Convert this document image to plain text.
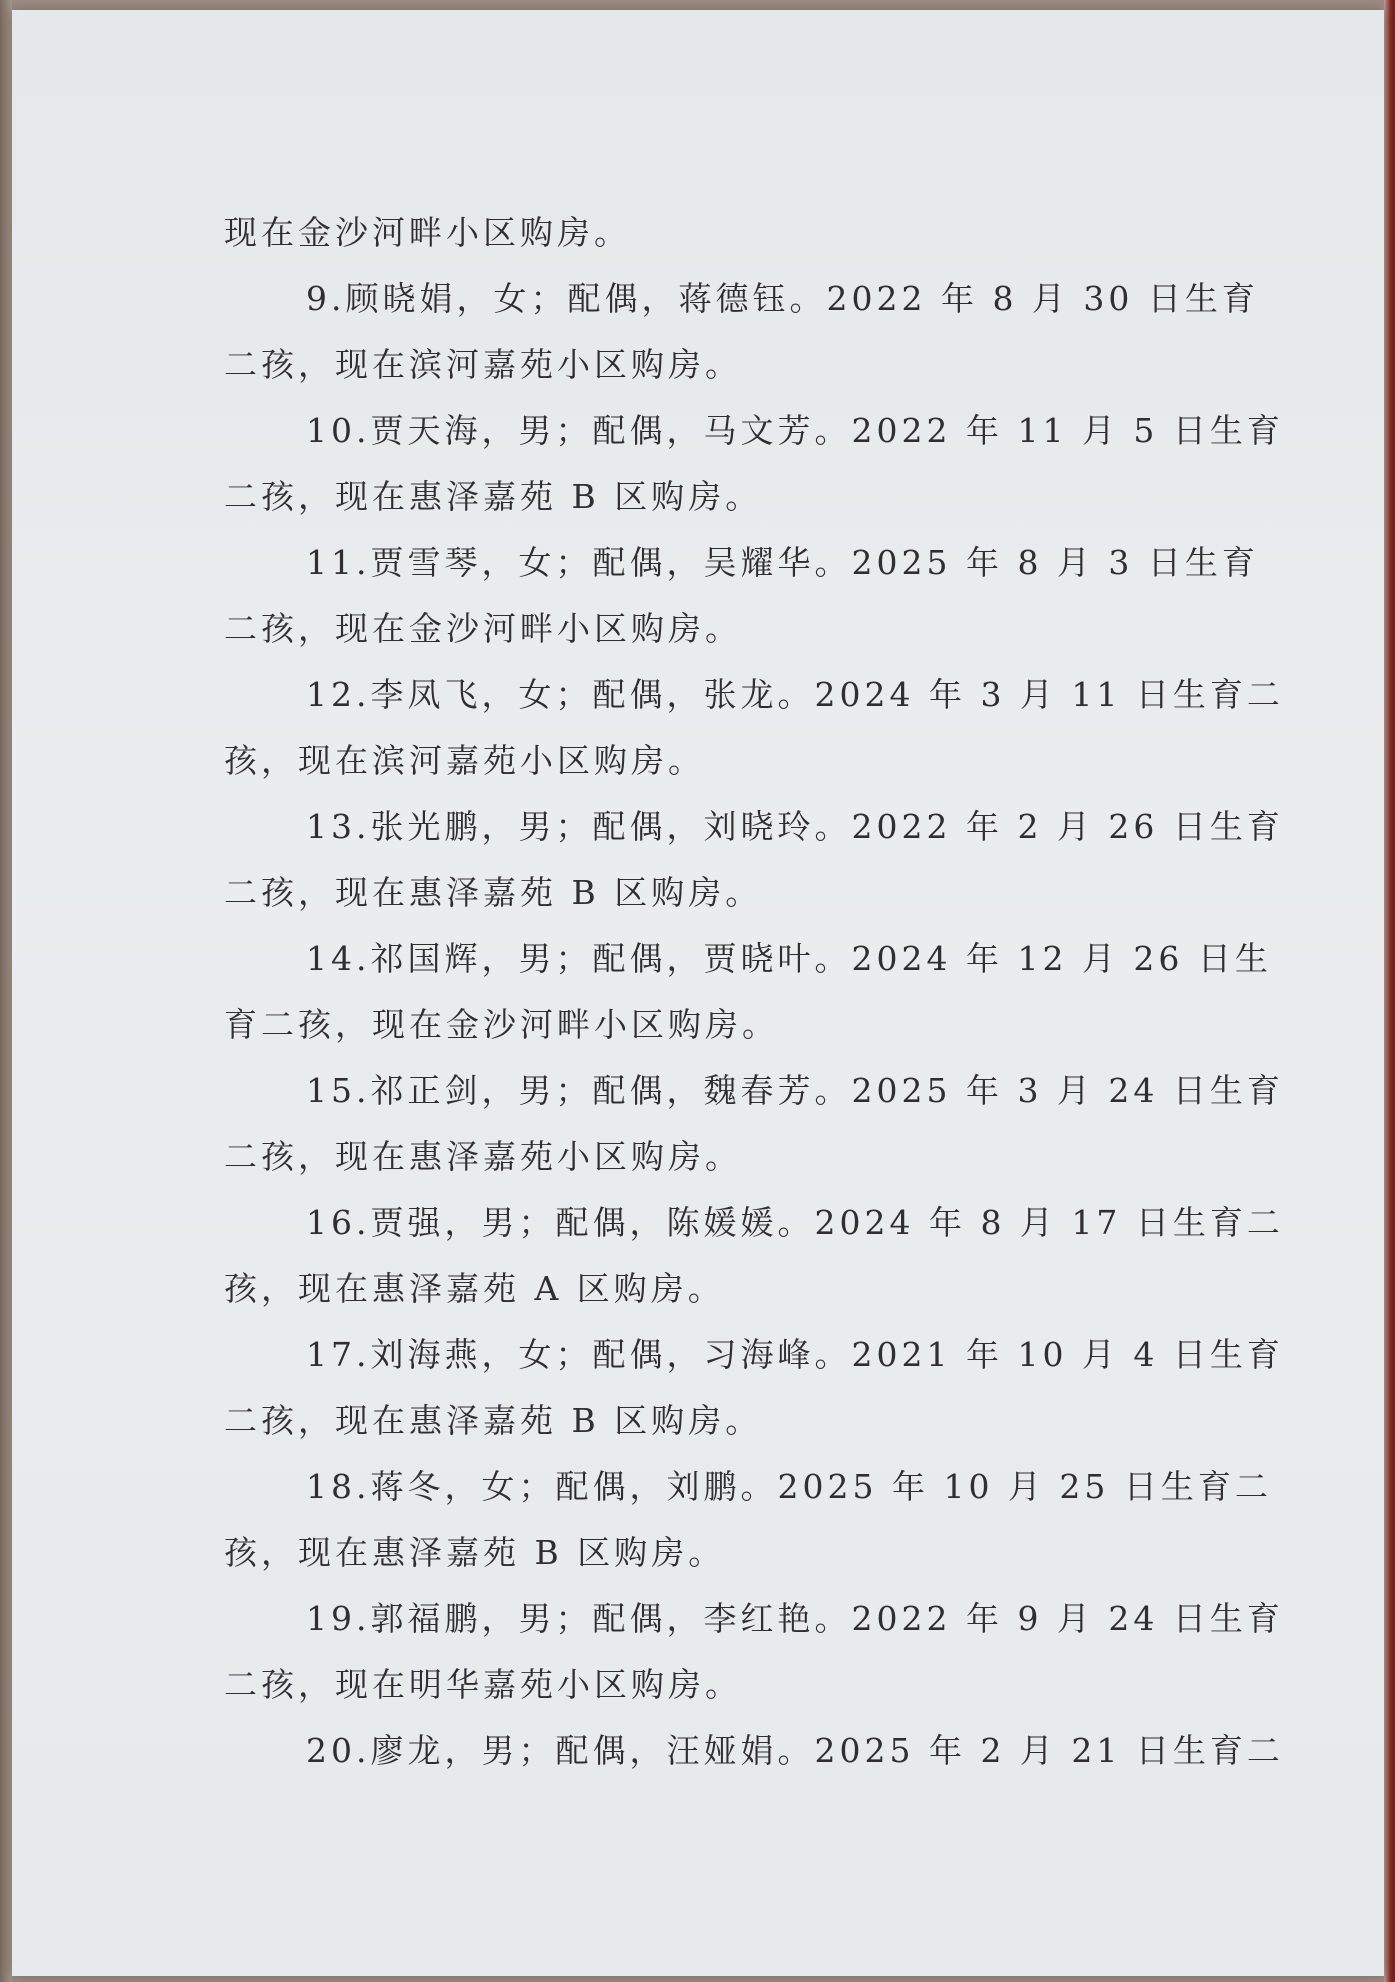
现在金沙河畔小区购房。
9.顾晓娟，女；配偶，蒋德钰。2022 年 8 月 30 日生育
二孩，现在滨河嘉苑小区购房。
10.贾天海，男；配偶，马文芳。2022 年 11 月 5 日生育
二孩，现在惠泽嘉苑 B 区购房。
11.贾雪琴，女；配偶，吴耀华。2025 年 8 月 3 日生育
二孩，现在金沙河畔小区购房。
12.李凤飞，女；配偶，张龙。2024 年 3 月 11 日生育二
孩，现在滨河嘉苑小区购房。
13.张光鹏，男；配偶，刘晓玲。2022 年 2 月 26 日生育
二孩，现在惠泽嘉苑 B 区购房。
14.祁国辉，男；配偶，贾晓叶。2024 年 12 月 26 日生
育二孩，现在金沙河畔小区购房。
15.祁正剑，男；配偶，魏春芳。2025 年 3 月 24 日生育
二孩，现在惠泽嘉苑小区购房。
16.贾强，男；配偶，陈媛媛。2024 年 8 月 17 日生育二
孩，现在惠泽嘉苑 A 区购房。
17.刘海燕，女；配偶，习海峰。2021 年 10 月 4 日生育
二孩，现在惠泽嘉苑 B 区购房。
18.蒋冬，女；配偶，刘鹏。2025 年 10 月 25 日生育二
孩，现在惠泽嘉苑 B 区购房。
19.郭福鹏，男；配偶，李红艳。2022 年 9 月 24 日生育
二孩，现在明华嘉苑小区购房。
20.廖龙，男；配偶，汪娅娟。2025 年 2 月 21 日生育二
